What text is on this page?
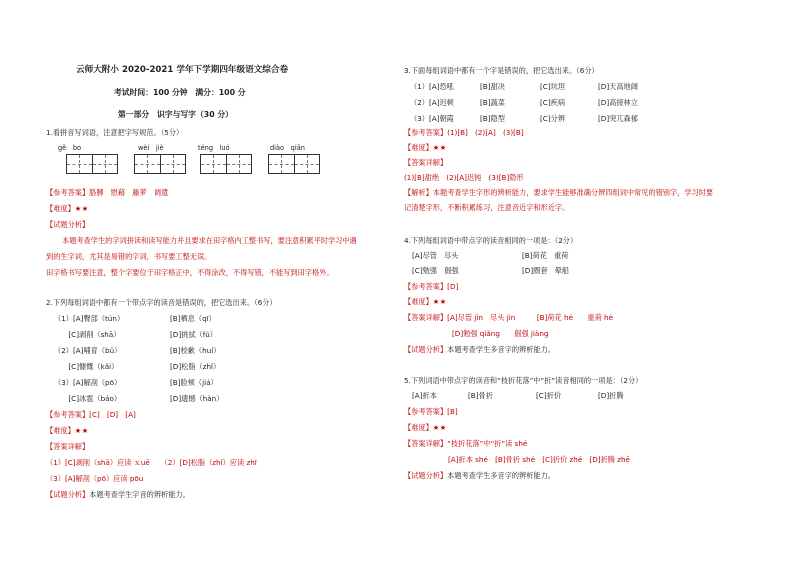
云师大附小 2020-2021 学年下学期四年级语文综合卷
考试时间：100 分钟　满分：100 分
第一部分　识字与写字（30 分）
1.看拼音写词语，注意把字写规范。（5分）
gě　bo	wèi　jiè	téng　luó	diào　qiǎn
【参考答案】胳膊　慰藉　藤萝　调遣
【难度】★★
【试题分析】
本题考查学生的字词拼读和读写能力并且要求在田字格内工整书写，要注意积累平时学习中遇
到的生字词，尤其是易错的字词，书写要工整无误。
田字格书写要注意，整个字要位于田字格正中，不得涂改，不得写错，不能写到田字格外。
2.下列每组词语中都有一个带点字的读音是错误的，把它选出来。（6分）
（1）[A]臀部（tún）	[B]栖息（qī）
　　[C]剥削（shā）	[D]挑拭（fú）
（2）[A]哺育（bǔ）	[B]校歉（huí）
　　[C]慷慨（kǎi）	[D]松脂（zhǐ）
（3）[A]解剖（pō）	[B]脸颊（jiá）
　　[C]冰雹（báo）	[D]遗憾（hàn）
【参考答案】[C]　[D]　[A]
【难度】★★
【答案详解】
（1）[C]剥削（shā）应读 ｘuē　　（2）[D]松脂（zhǐ）应读 zhī
（3）[A]解剖（pō）应读 pōu
【试题分析】本题考查学生字音的辨析能力。
3.下面每组词语中都有一个字是错误的，把它选出来。（6分）
（1）[A]恐吼	[B]甜决	[C]坑坦	[D]天高地阔
（2）[A]迟顿	[B]蔬菜	[C]疾病	[D]高接林立
（3）[A]朝霞	[B]隐型	[C]分辨	[D]突兀森郁
【参考答案】(1)[B]　(2)[A]　(3)[B]
【难度】★★
【答案详解】
(1)[B]甜绝　(2)[A]迟钝　(3)[B]隐形
【解析】本题考查学生字形的辨析能力，要求学生能够准确分辨四组词中常见的错别字，学习时要
记清楚字形，不断积累练习，注意音近字和形近字。
4.下列每组词语中带点字的读音相同的一项是：（2分）
[A]尽管　尽头	[B]荷花　重荷
[C]勉强　倔强	[D]圈套　晕船
【参考答案】[D]
【难度】★★
【答案详解】[A]尽管 jǐn　尽头 jìn　　　[B]荷花 hé　　重荷 hè
[D]勉强 qiǎng　　倔强 jiàng
【试题分析】本题考查学生多音字的辨析能力。
5.下列词语中带点字的读音和“枝折花落”中“折”读音相同的一项是：（2分）
[A]折本	[B]骨折	[C]折价	[D]折腾
【参考答案】[B]
【难度】★★
【答案详解】“枝折花落”中“折”读 shé
[A]折本 shé　[B]骨折 shé　[C]折价 zhé　[D]折腾 zhē
【试题分析】本题考查学生多音字的辨析能力。
